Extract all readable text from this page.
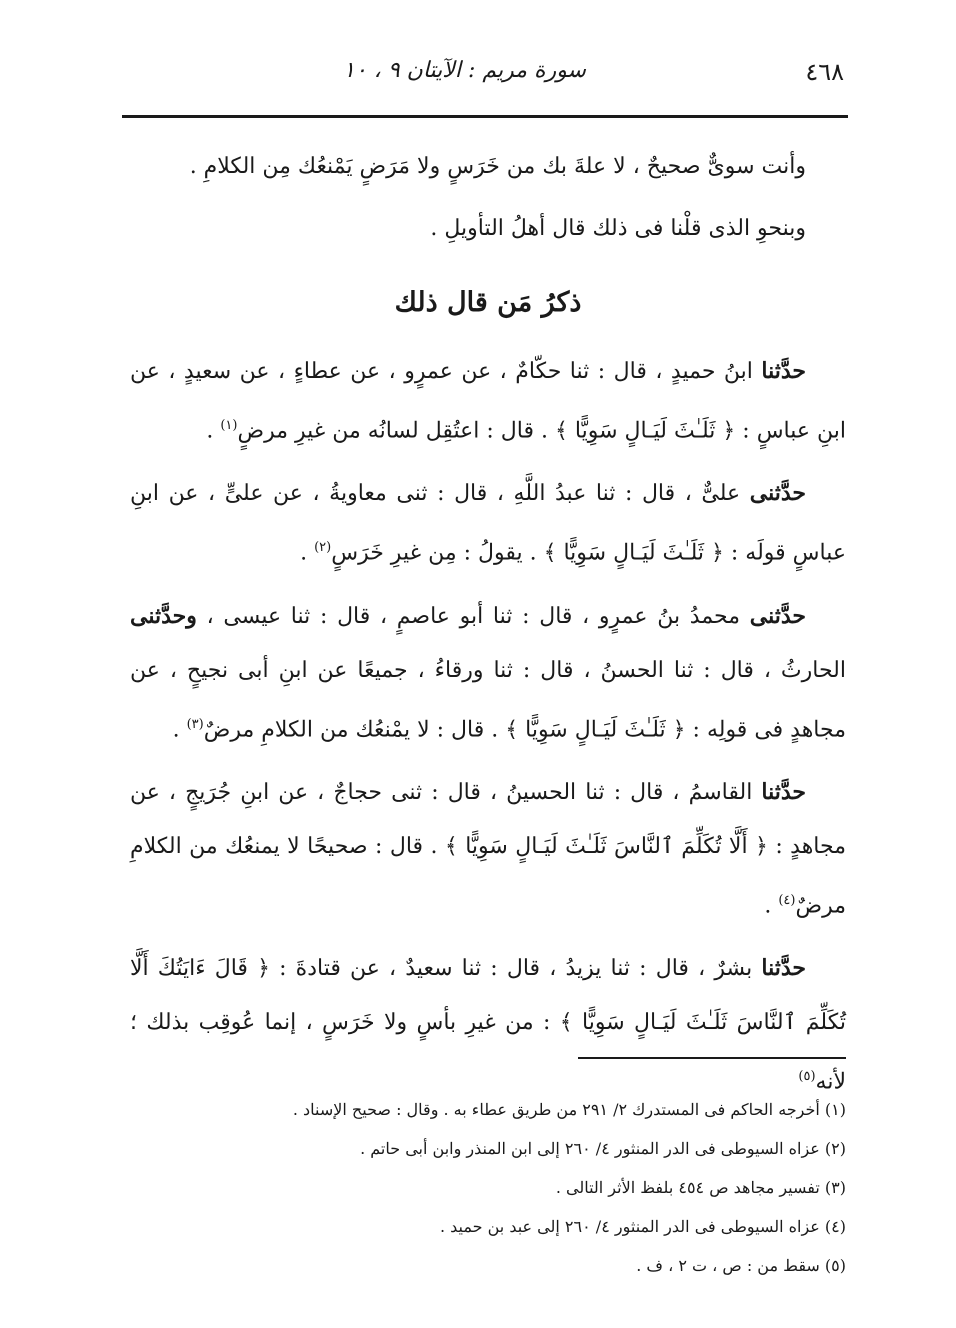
٤٦٨
سورة مريم : الآيتان ٩ ، ١٠

وأنت سوىٌّ صحيحٌ ، لا علةَ بك من خَرَسٍ ولا مَرَضٍ يَمْنعُك مِن الكلامِ .

وبنحوِ الذى قلْنا فى ذلك قال أهلُ التأويلِ .

ذكرُ مَن قال ذلك

حدَّثنا ابنُ حميدٍ ، قال : ثنا حكّامٌ ، عن عمرٍو ، عن عطاءٍ ، عن سعيدٍ ، عن ابنِ عباسٍ : ﴿ ثَلَـٰثَ لَيَـالٍ سَوِيًّا ﴾ . قال : اعتُقِل لسانُه من غيرِ مرضٍ$^{(١)}$ .

حدَّثنى علىٌّ ، قال : ثنا عبدُ اللَّهِ ، قال : ثنى معاويةُ ، عن علىٍّ ، عن ابنِ عباسٍ قولَه : ﴿ ثَلَـٰثَ لَيَـالٍ سَوِيًّا ﴾ . يقولُ : مِن غيرِ خَرَسٍ$^{(٢)}$ .

حدَّثنى محمدُ بنُ عمرٍو ، قال : ثنا أبو عاصمٍ ، قال : ثنا عيسى ، وحدَّثنى الحارثُ ، قال : ثنا الحسنُ ، قال : ثنا ورقاءُ ، جميعًا عن ابنِ أبى نجيحٍ ، عن مجاهدٍ فى قولِه : ﴿ ثَلَـٰثَ لَيَـالٍ سَوِيًّا ﴾ . قال : لا يمْنعُك من الكلامِ مرضٌ$^{(٣)}$ .

حدَّثنا القاسمُ ، قال : ثنا الحسينُ ، قال : ثنى حجاجٌ ، عن ابنِ جُرَيجٍ ، عن مجاهدٍ : ﴿ أَلَّا تُكَلِّمَ ٱلنَّاسَ ثَلَـٰثَ لَيَـالٍ سَوِيًّا ﴾ . قال : صحيحًا لا يمنعُك من الكلامِ مرضٌ$^{(٤)}$ .

حدَّثنا بشرٌ ، قال : ثنا يزيدُ ، قال : ثنا سعيدٌ ، عن قتادةَ : ﴿ قَالَ ءَايَتُكَ أَلَّا تُكَلِّمَ ٱلنَّاسَ ثَلَـٰثَ لَيَـالٍ سَوِيًّا ﴾ : من غيرِ بأسٍ ولا خَرَسٍ ، إنما عُوقِب بذلك ؛ لأنه$^{(٥)}$

(١) أخرجه الحاكم فى المستدرك ٢/ ٢٩١ من طريق عطاء به . وقال : صحيح الإسناد .

(٢) عزاه السيوطى فى الدر المنثور ٤/ ٢٦٠ إلى ابن المنذر وابن أبى حاتم .

(٣) تفسير مجاهد ص ٤٥٤ بلفظ الأثر التالى .

(٤) عزاه السيوطى فى الدر المنثور ٤/ ٢٦٠ إلى عبد بن حميد .

(٥) سقط من : ص ، ت ٢ ، ف .
